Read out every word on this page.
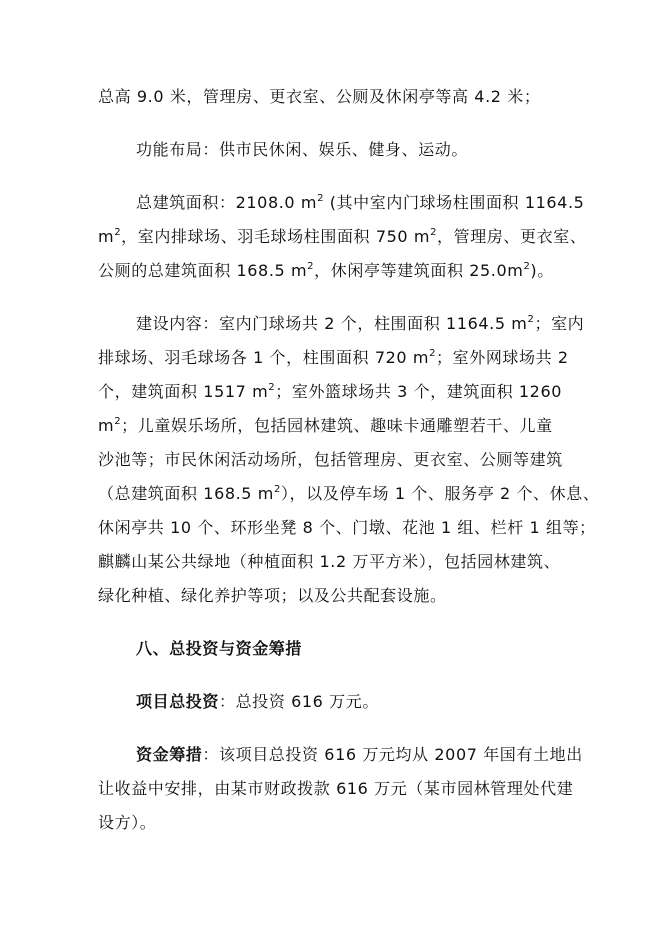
总高 9.0 米，管理房、更衣室、公厕及休闲亭等高 4.2 米；
功能布局：供市民休闲、娱乐、健身、运动。
总建筑面积：2108.0 $m^2$ (其中室内门球场柱围面积 1164.5
$m^2$，室内排球场、羽毛球场柱围面积 750 $m^2$，管理房、更衣室、
公厕的总建筑面积 168.5 $m^2$，休闲亭等建筑面积 $25.0m^2$)。
建设内容：室内门球场共 2 个，柱围面积 1164.5 $m^2$；室内
排球场、羽毛球场各 1 个，柱围面积 720 $m^2$；室外网球场共 2
个，建筑面积 1517 $m^2$；室外篮球场共 3 个，建筑面积 1260
$m^2$；儿童娱乐场所，包括园林建筑、趣味卡通雕塑若干、儿童
沙池等；市民休闲活动场所，包括管理房、更衣室、公厕等建筑
（总建筑面积 168.5 $m^2$），以及停车场 1 个、服务亭 2 个、休息、
休闲亭共 10 个、环形坐凳 8 个、门墩、花池 1 组、栏杆 1 组等；
麒麟山某公共绿地（种植面积 1.2 万平方米），包括园林建筑、
绿化种植、绿化养护等项；以及公共配套设施。
八、总投资与资金筹措
项目总投资：总投资 616 万元。
资金筹措：该项目总投资 616 万元均从 2007 年国有土地出
让收益中安排，由某市财政拨款 616 万元（某市园林管理处代建
设方）。
